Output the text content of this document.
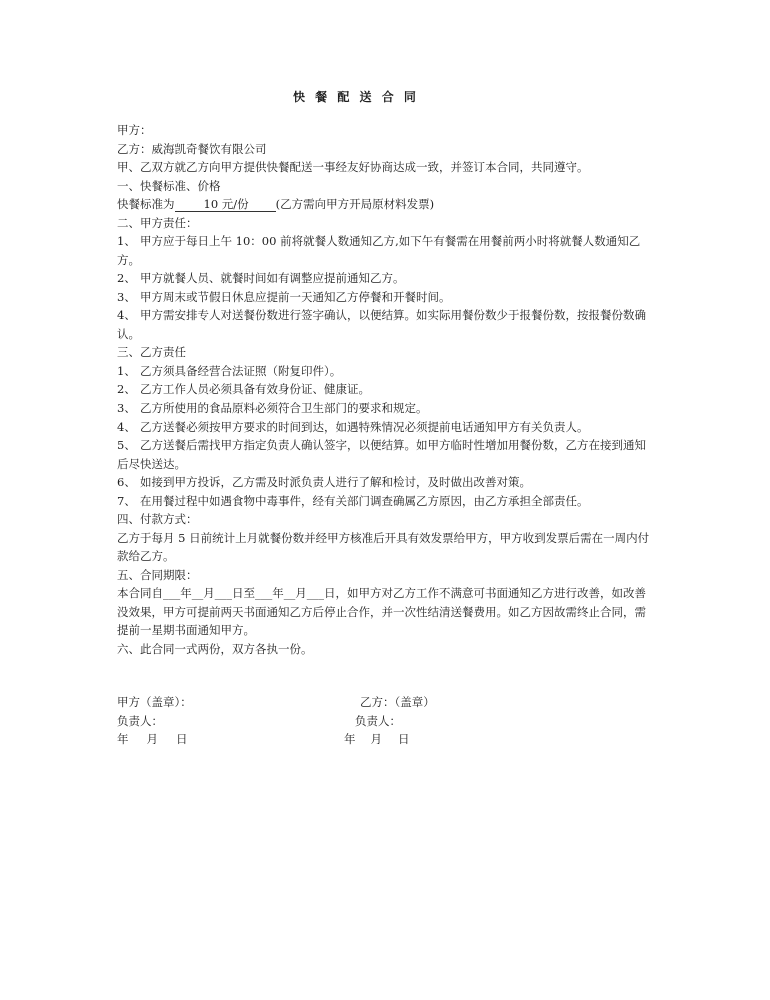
快 餐 配 送 合 同
甲方：
乙方：威海凯奇餐饮有限公司
甲、乙双方就乙方向甲方提供快餐配送一事经友好协商达成一致，并签订本合同，共同遵守。
一、快餐标准、价格
快餐标准为	10 元/份 (乙方需向甲方开局原材料发票)
二、甲方责任：
1、 甲方应于每日上午 10：00 前将就餐人数通知乙方,如下午有餐需在用餐前两小时将就餐人数通知乙
方。
2、 甲方就餐人员、就餐时间如有调整应提前通知乙方。
3、 甲方周末或节假日休息应提前一天通知乙方停餐和开餐时间。
4、 甲方需安排专人对送餐份数进行签字确认，以便结算。如实际用餐份数少于报餐份数，按报餐份数确
认。
三、乙方责任
1、 乙方须具备经营合法证照（附复印件）。
2、 乙方工作人员必须具备有效身份证、健康证。
3、 乙方所使用的食品原料必须符合卫生部门的要求和规定。
4、 乙方送餐必须按甲方要求的时间到达，如遇特殊情况必须提前电话通知甲方有关负责人。
5、 乙方送餐后需找甲方指定负责人确认签字，以便结算。如甲方临时性增加用餐份数，乙方在接到通知
后尽快送达。
6、 如接到甲方投诉，乙方需及时派负责人进行了解和检讨，及时做出改善对策。
7、 在用餐过程中如遇食物中毒事件，经有关部门调查确属乙方原因，由乙方承担全部责任。
四、付款方式：
乙方于每月 5 日前统计上月就餐份数并经甲方核准后开具有效发票给甲方，甲方收到发票后需在一周内付
款给乙方。
五、合同期限：
本合同自___年__月___日至___年__月___日，如甲方对乙方工作不满意可书面通知乙方进行改善，如改善
没效果，甲方可提前两天书面通知乙方后停止合作，并一次性结清送餐费用。如乙方因故需终止合同，需
提前一星期书面通知甲方。
六、此合同一式两份，双方各执一份。
甲方（盖章）：
负责人：
年 月 日
乙方：（盖章）
负责人：
年 月 日
